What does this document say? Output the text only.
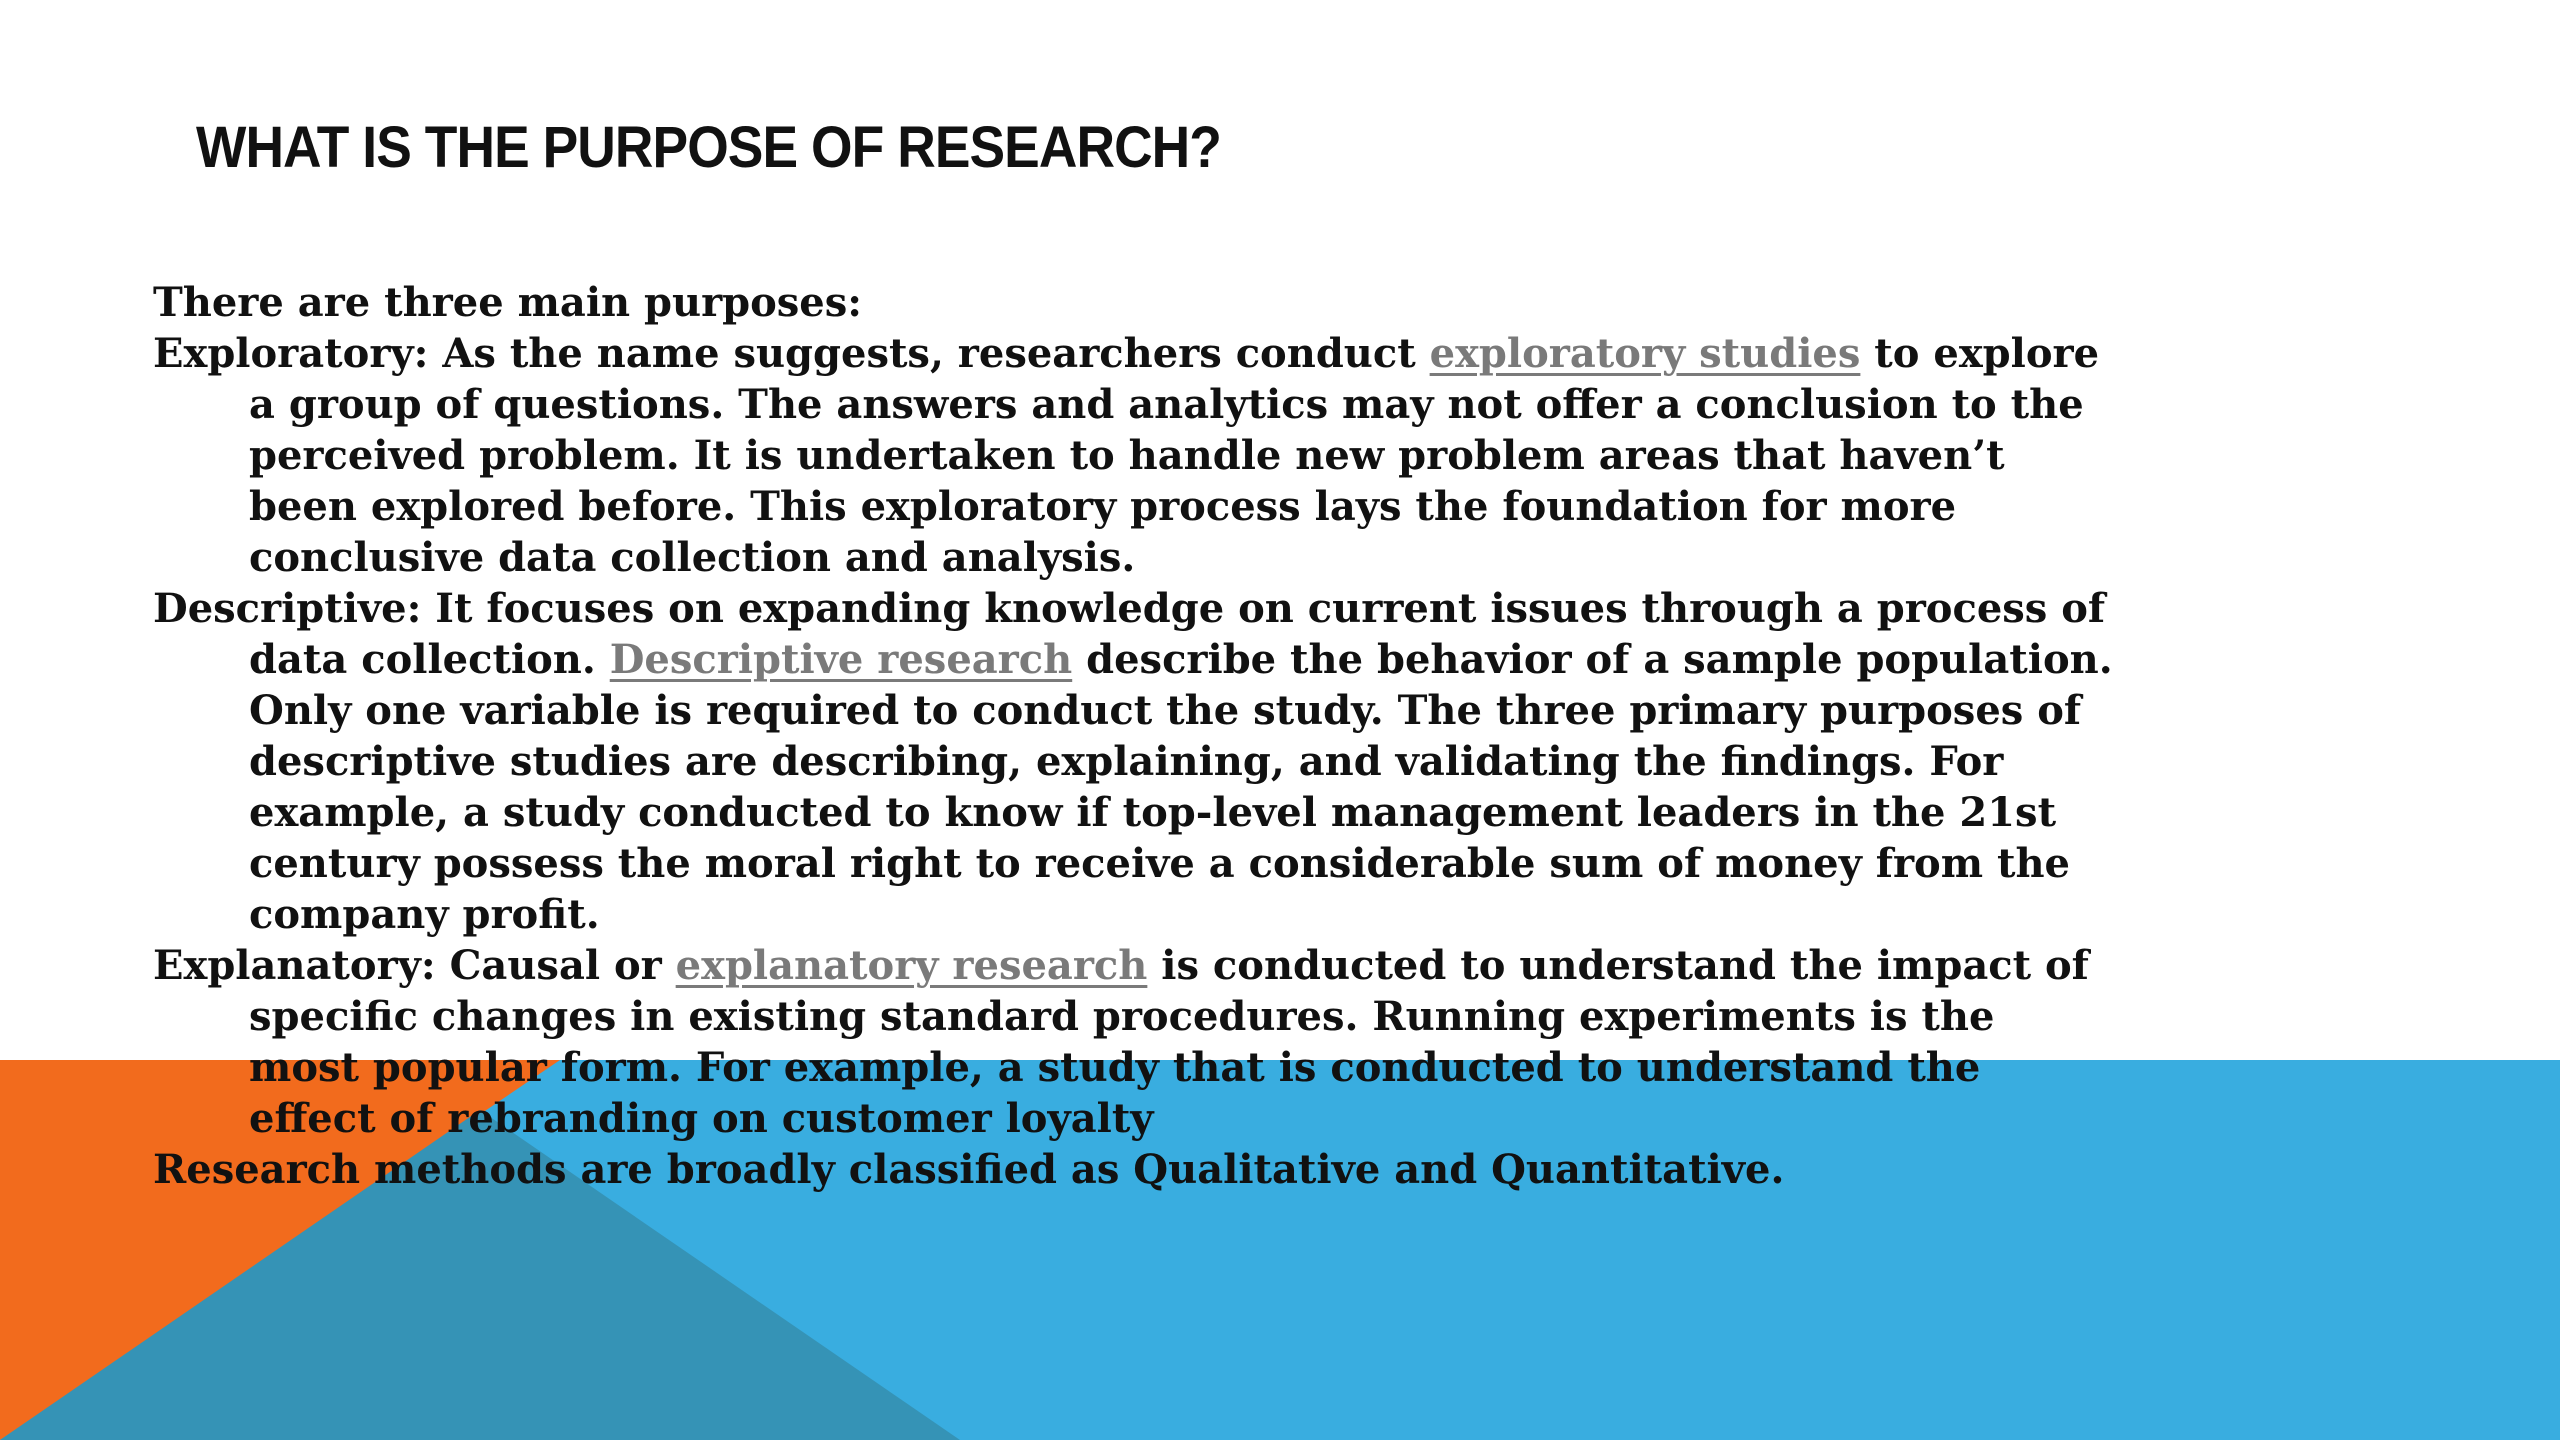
WHAT IS THE PURPOSE OF RESEARCH?
There are three main purposes:
Exploratory: As the name suggests, researchers conduct exploratory studies to explore
a group of questions. The answers and analytics may not offer a conclusion to the
perceived problem. It is undertaken to handle new problem areas that haven’t
been explored before. This exploratory process lays the foundation for more
conclusive data collection and analysis.
Descriptive: It focuses on expanding knowledge on current issues through a process of
data collection. Descriptive research describe the behavior of a sample population.
Only one variable is required to conduct the study. The three primary purposes of
descriptive studies are describing, explaining, and validating the findings. For
example, a study conducted to know if top-level management leaders in the 21st
century possess the moral right to receive a considerable sum of money from the
company profit.
Explanatory: Causal or explanatory research is conducted to understand the impact of
specific changes in existing standard procedures. Running experiments is the
most popular form. For example, a study that is conducted to understand the
effect of rebranding on customer loyalty
Research methods are broadly classified as Qualitative and Quantitative.
